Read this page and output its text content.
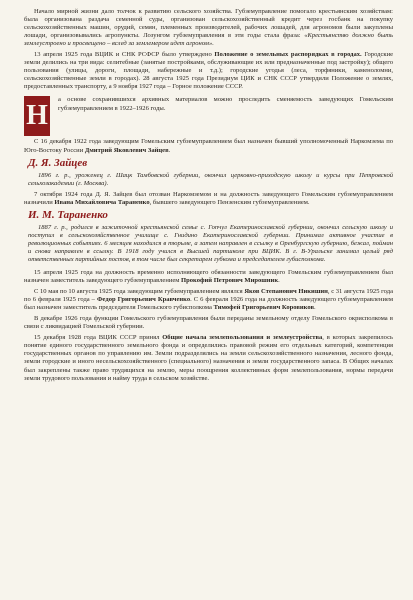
Начало мирной жизни дало толчок к развитию сельского хозяйства. Губземуправление помогало крестьянским хозяйствам: была организована раздача семенной суды, организован сельскохозяйственный кредит через госбанк на покупку сельскохозяйственных машин, орудий, семян, племенных производителей, рабочих лошадей, для агрономов были закуплены лошади, организовывались агропункты. Лозунгом губземуправления в эти годы стала фраза: «Крестьянство должно быть землеустроено и просвещено – вслед за землемером идет агроном».

13 апреля 1925 года ВЦИК и СНК РСФСР было утверждено Положение о земельных распорядках в городах. Городские земли делились на три вида: селитебные (занятые постройками, обслуживающие их или предназначенные под застройку); общего пользования (улицы, дороги, площади, набережные и т.д.); городские угодья (леса, торфяники, каменоломни, сельскохозяйственные земли в городах). 28 августа 1925 года Президиум ЦИК и СНК СССР утвердили Положение о землях, предоставленных транспорту, а 9 ноября 1927 года – Горное положение СССР.

Н

а основе сохранившихся архивных материалов можно проследить сменяемость заведующих Гомельским губземуправлением в 1922–1926 годы.

С 16 декабря 1922 года заведующим Гомельским губземуправлением был назначен бывший уполномоченный Наркомзема по Юго-Востоку России Дмитрий Яковлевич Зайцев.

Д. Я. Зайцев

1896 г. р., уроженец г. Шацк Тамбовской губернии, окончил церковно-приходскую школу и курсы при Петровской сельхозакадемии (г. Москва).

7 октября 1924 года Д. Я. Зайцев был отозван Наркомземом и на должность заведующего Гомельским губземуправлением назначили Ивана Михайловича Тараненко, бывшего заведующего Пензенским губземуправлением.

И. М. Тараненко

1887 г. р., родился в зажиточной крестьянской семье с. Гопчул Екатеринославской губернии, окончил сельскую школу и поступил в сельскохозяйственное училище с. Гнидино Екатеринославской губернии. Принимал активное участие в революционных событиях. 6 месяцев находился в тюрьме, а затем направлен в ссылку в Оренбургскую губернию, бежал, пойман и снова направлен в ссылку. В 1918 году учился в Высшей партшколе при ВЦИК. В г. В-Уральске занимал целый ряд ответственных партийных постов, в том числе был секретарем губкома и председателем губисполкома.

15 апреля 1925 года на должность временно исполняющего обязанности заведующего Гомельским губземуправлением был назначен заместитель заведующего губземуправлением Прокофий Петрович Мирошник.

С 10 мая по 10 августа 1925 года заведующим губземуправлением являлся Яков Степанович Никишин, с 31 августа 1925 года по 6 февраля 1925 года – Федор Григорьевич Кравченко. С 6 февраля 1926 года на должность заведующего губземуправлением был назначен заместитель председателя Гомельского губисполкома Тимофей Григорьевич Коровиков.

В декабре 1926 года функции Гомельского губземуправления были переданы земельному отделу Гомельского окрисполкома в связи с ликвидацией Гомельской губернии.

15 декабря 1928 года ВЦИК СССР принял Общие начала землепользования и землеустройства, в которых закрепилось понятие единого государственного земельного фонда и определились правовой режим его отдельных категорий, компетенция государственных органов по управлению им. Земли подразделялись на земли сельскохозяйственного назначения, лесного фонда, земли городские и иного несельскохозяйственного (специального) назначения и земли государственного запаса. В Общих началах был закреплены также право трудящихся на землю, меры поощрения коллективных форм землепользования, нормы передачи земли трудового пользования и найму труда в сельском хозяйстве.
